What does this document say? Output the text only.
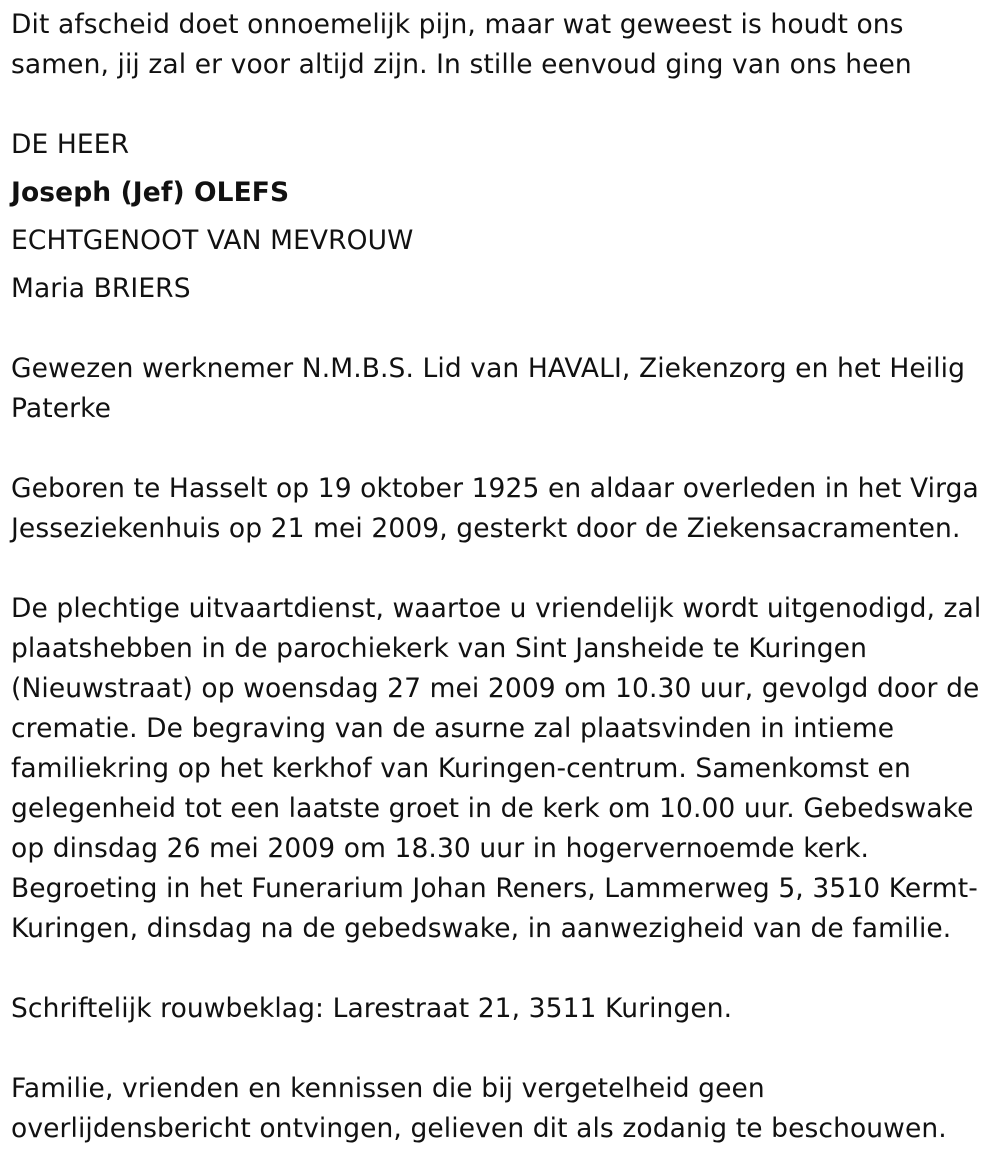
Dit afscheid doet onnoemelijk pijn, maar wat geweest is houdt ons
samen, jij zal er voor altijd zijn. In stille eenvoud ging van ons heen
DE HEER
Joseph (Jef) OLEFS
ECHTGENOOT VAN MEVROUW
Maria BRIERS
Gewezen werknemer N.M.B.S. Lid van HAVALI, Ziekenzorg en het Heilig
Paterke
Geboren te Hasselt op 19 oktober 1925 en aldaar overleden in het Virga
Jesseziekenhuis op 21 mei 2009, gesterkt door de Ziekensacramenten.
De plechtige uitvaartdienst, waartoe u vriendelijk wordt uitgenodigd, zal
plaatshebben in de parochiekerk van Sint Jansheide te Kuringen
(Nieuwstraat) op woensdag 27 mei 2009 om 10.30 uur, gevolgd door de
crematie. De begraving van de asurne zal plaatsvinden in intieme
familiekring op het kerkhof van Kuringen-centrum. Samenkomst en
gelegenheid tot een laatste groet in de kerk om 10.00 uur. Gebedswake
op dinsdag 26 mei 2009 om 18.30 uur in hogervernoemde kerk.
Begroeting in het Funerarium Johan Reners, Lammerweg 5, 3510 Kermt-
Kuringen, dinsdag na de gebedswake, in aanwezigheid van de familie.
Schriftelijk rouwbeklag: Larestraat 21, 3511 Kuringen.
Familie, vrienden en kennissen die bij vergetelheid geen
overlijdensbericht ontvingen, gelieven dit als zodanig te beschouwen.
